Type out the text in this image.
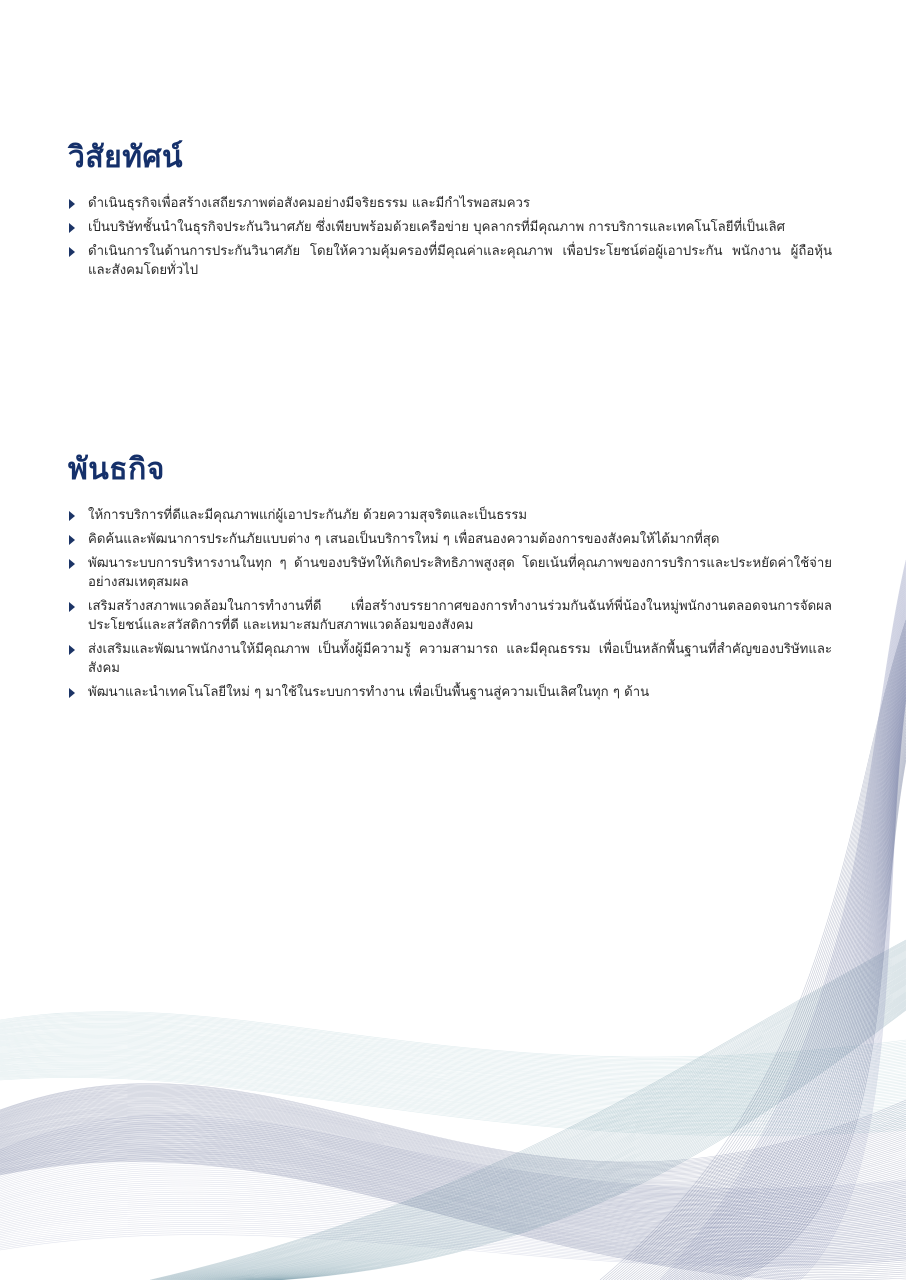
วิสัยทัศน์
ดำเนินธุรกิจเพื่อสร้างเสถียรภาพต่อสังคมอย่างมีจริยธรรม และมีกำไรพอสมควร
เป็นบริษัทชั้นนำในธุรกิจประกันวินาศภัย ซึ่งเพียบพร้อมด้วยเครือข่าย บุคลากรที่มีคุณภาพ การบริการและเทคโนโลยีที่เป็นเลิศ
ดำเนินการในด้านการประกันวินาศภัย โดยให้ความคุ้มครองที่มีคุณค่าและคุณภาพ เพื่อประโยชน์ต่อผู้เอาประกัน พนักงาน ผู้ถือหุ้น และสังคมโดยทั่วไป
พันธกิจ
ให้การบริการที่ดีและมีคุณภาพแก่ผู้เอาประกันภัย ด้วยความสุจริตและเป็นธรรม
คิดค้นและพัฒนาการประกันภัยแบบต่าง ๆ เสนอเป็นบริการใหม่ ๆ เพื่อสนองความต้องการของสังคมให้ได้มากที่สุด
พัฒนาระบบการบริหารงานในทุก ๆ ด้านของบริษัทให้เกิดประสิทธิภาพสูงสุด โดยเน้นที่คุณภาพของการบริการและประหยัดค่าใช้จ่ายอย่างสมเหตุสมผล
เสริมสร้างสภาพแวดล้อมในการทำงานที่ดี เพื่อสร้างบรรยากาศของการทำงานร่วมกันฉันท์พี่น้องในหมู่พนักงานตลอดจนการจัดผลประโยชน์และสวัสดิการที่ดี และเหมาะสมกับสภาพแวดล้อมของสังคม
ส่งเสริมและพัฒนาพนักงานให้มีคุณภาพ เป็นทั้งผู้มีความรู้ ความสามารถ และมีคุณธรรม เพื่อเป็นหลักพื้นฐานที่สำคัญของบริษัทและสังคม
พัฒนาและนำเทคโนโลยีใหม่ ๆ มาใช้ในระบบการทำงาน เพื่อเป็นพื้นฐานสู่ความเป็นเลิศในทุก ๆ ด้าน
